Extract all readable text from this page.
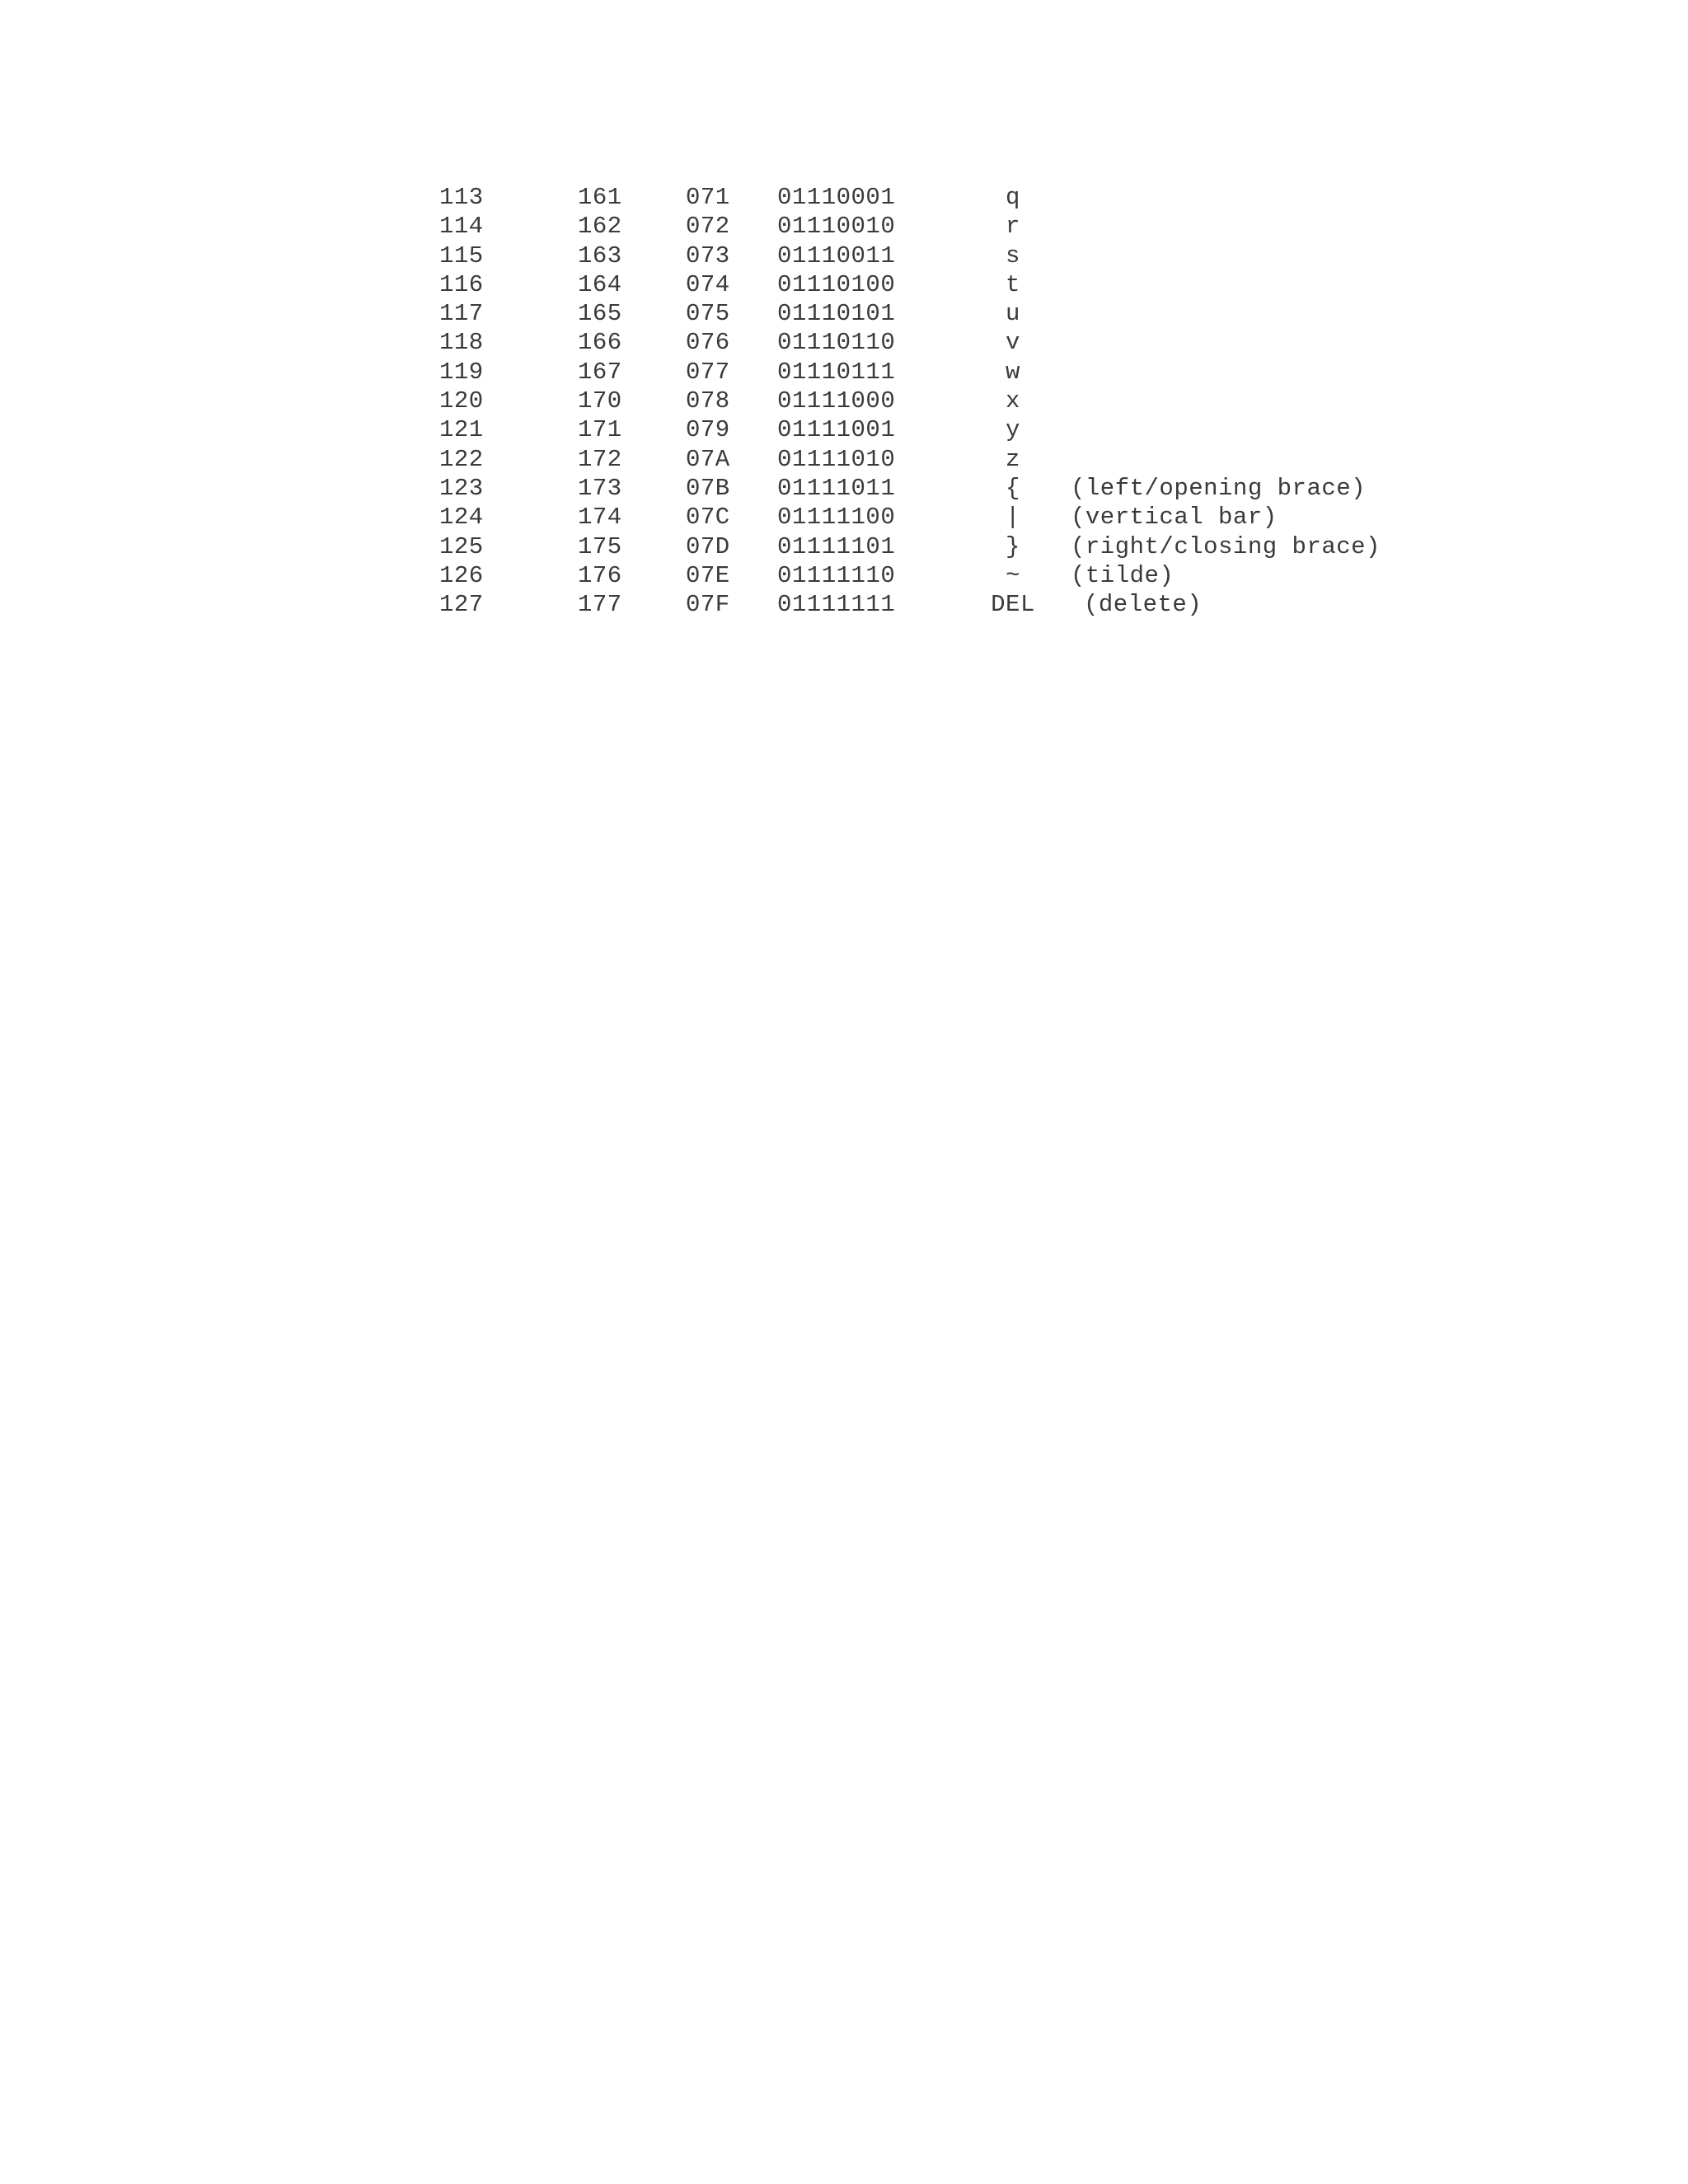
113	161	071 01110001	q
114	162	072 01110010	r
115	163	073 01110011	s
116	164	074 01110100	t
117	165	075 01110101	u
118	166	076 01110110	v
119	167	077 01110111	w
120	170	078 01111000	x
121	171	079 01111001	y
122	172	07A 01111010	z
123	173	07B 01111011	{ (left/opening brace)
124	174	07C 01111100	| (vertical bar)
125	175	07D 01111101	} (right/closing brace)
126	176	07E 01111110	~ (tilde)
127	177	07F 01111111	DEL (delete)
